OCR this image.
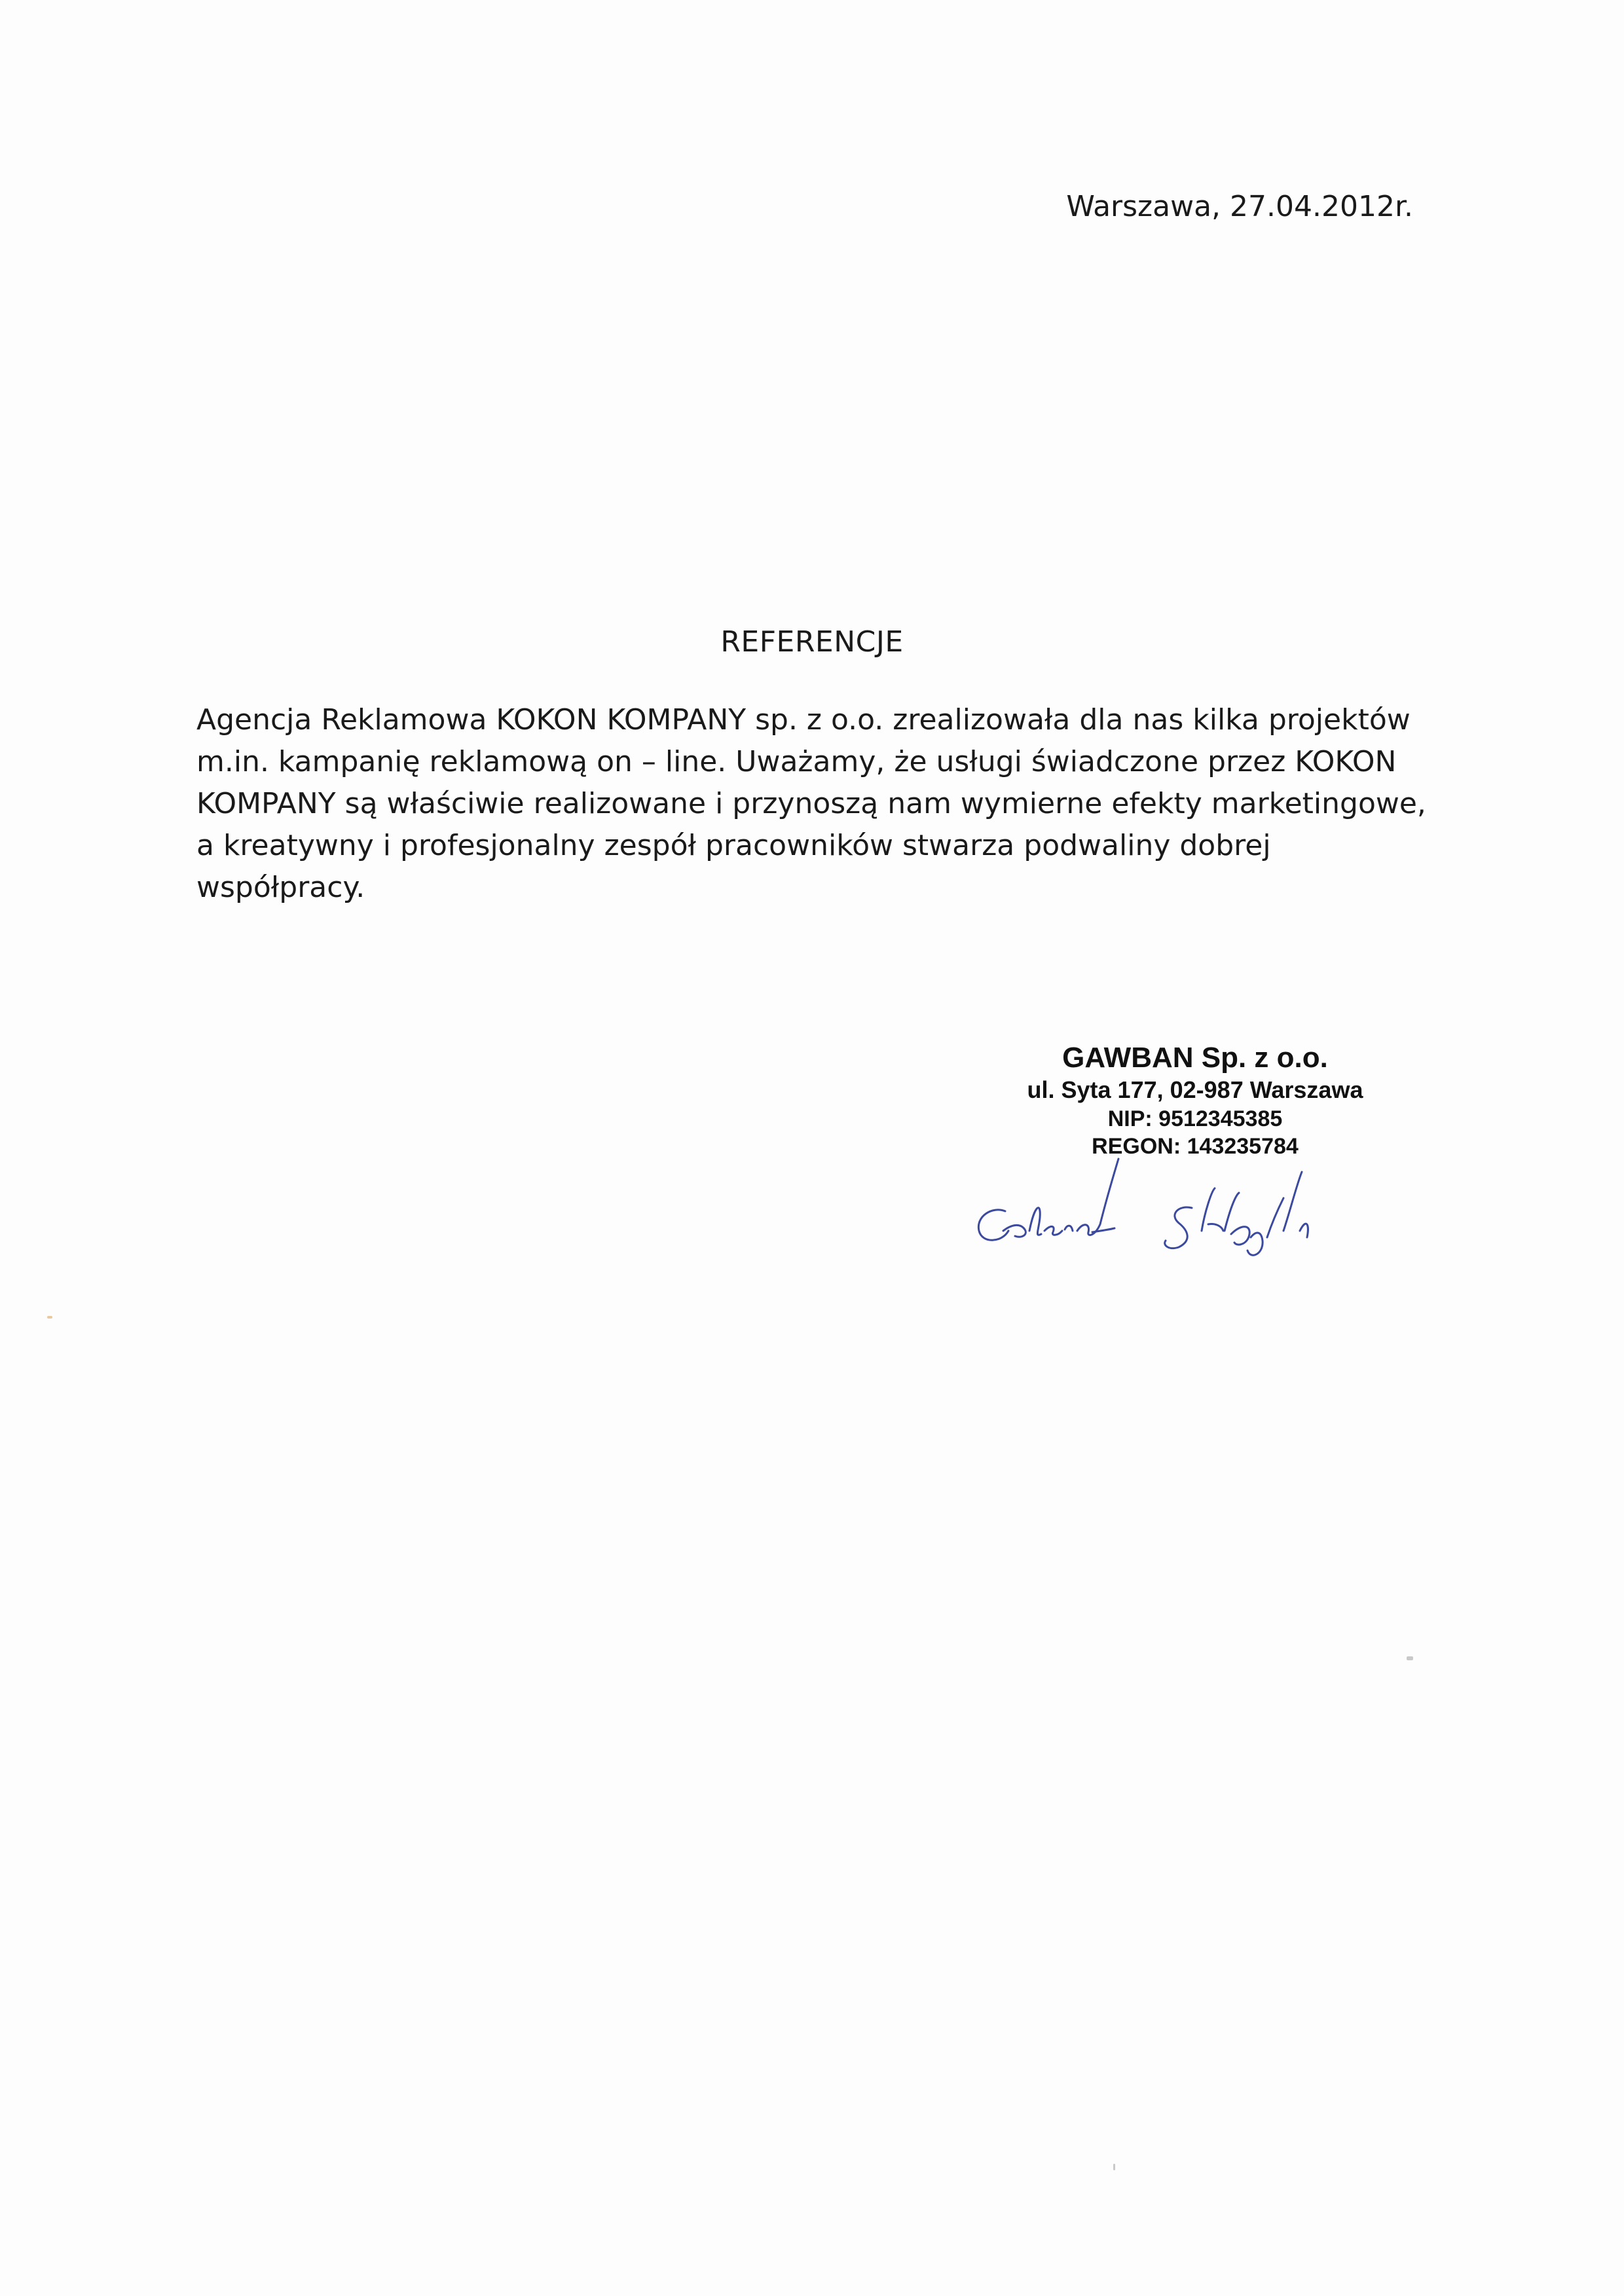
Warszawa, 27.04.2012r.
REFERENCJE

Agencja Reklamowa KOKON KOMPANY sp. z o.o. zrealizowała dla nas kilka projektów m.in. kampanię reklamową on – line. Uważamy, że usługi świadczone przez KOKON KOMPANY są właściwie realizowane i przynoszą nam wymierne efekty marketingowe, a kreatywny i profesjonalny zespół pracowników stwarza podwaliny dobrej współpracy.

GAWBAN Sp. z o.o.
ul. Syta 177, 02-987 Warszawa
NIP: 9512345385
REGON: 143235784
